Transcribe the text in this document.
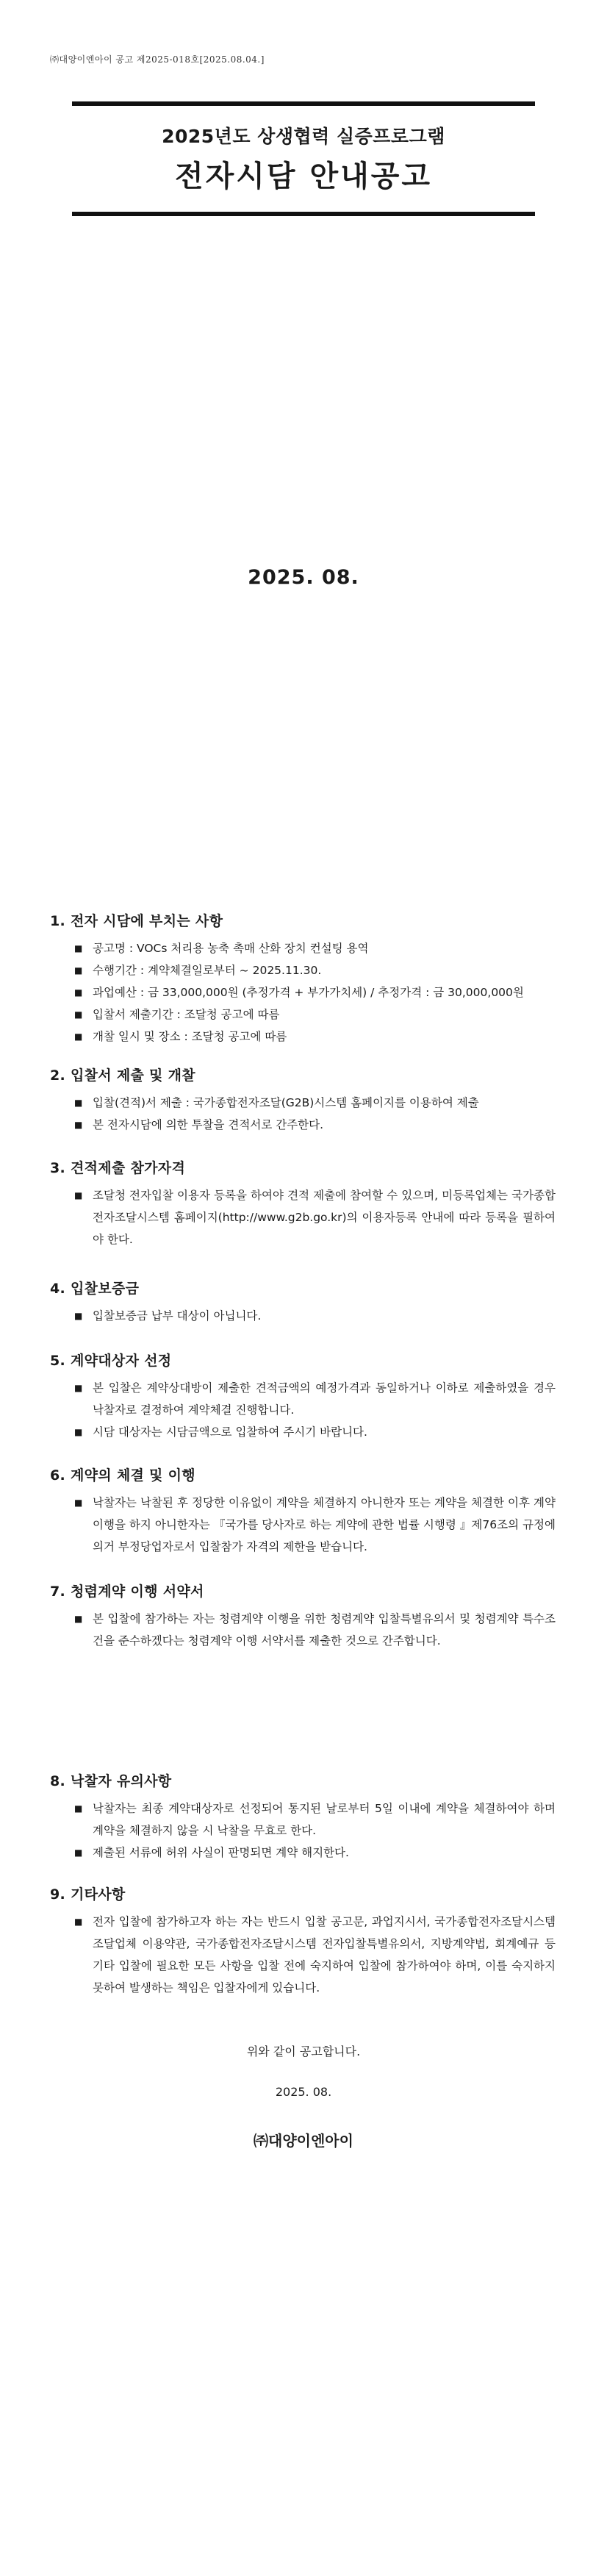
㈜대양이엔아이 공고 제2025-018호[2025.08.04.]
2025년도 상생협력 실증프로그램
전자시담 안내공고
2025. 08.
1. 전자 시담에 부치는 사항
■ 공고명 : VOCs 처리용 농축 촉매 산화 장치 컨설팅 용역
■ 수행기간 : 계약체결일로부터 ~ 2025.11.30.
■ 과업예산 : 금 33,000,000원 (추정가격 + 부가가치세) / 추정가격 : 금 30,000,000원
■ 입찰서 제출기간 : 조달청 공고에 따름
■ 개찰 일시 및 장소 : 조달청 공고에 따름
2. 입찰서 제출 및 개찰
■ 입찰(견적)서 제출 : 국가종합전자조달(G2B)시스템 홈페이지를 이용하여 제출
■ 본 전자시담에 의한 투찰을 견적서로 간주한다.
3. 견적제출 참가자격
■ 조달청 전자입찰 이용자 등록을 하여야 견적 제출에 참여할 수 있으며, 미등록업체는 국가종합전자조달시스템 홈페이지(http://www.g2b.go.kr)의 이용자등록 안내에 따라 등록을 필하여야 한다.
4. 입찰보증금
■ 입찰보증금 납부 대상이 아닙니다.
5. 계약대상자 선정
■ 본 입찰은 계약상대방이 제출한 견적금액의 예정가격과 동일하거나 이하로 제출하였을 경우 낙찰자로 결정하여 계약체결 진행합니다.
■ 시담 대상자는 시담금액으로 입찰하여 주시기 바랍니다.
6. 계약의 체결 및 이행
■ 낙찰자는 낙찰된 후 정당한 이유없이 계약을 체결하지 아니한자 또는 계약을 체결한 이후 계약이행을 하지 아니한자는 『국가를 당사자로 하는 계약에 관한 법률 시행령 』제76조의 규정에 의거 부정당업자로서 입찰참가 자격의 제한을 받습니다.
7. 청렴계약 이행 서약서
■ 본 입찰에 참가하는 자는 청렴계약 이행을 위한 청렴계약 입찰특별유의서 및 청렴계약 특수조건을 준수하겠다는 청렴계약 이행 서약서를 제출한 것으로 간주합니다.
8. 낙찰자 유의사항
■ 낙찰자는 최종 계약대상자로 선정되어 통지된 날로부터 5일 이내에 계약을 체결하여야 하며 계약을 체결하지 않을 시 낙찰을 무효로 한다.
■ 제출된 서류에 허위 사실이 판명되면 계약 해지한다.
9. 기타사항
■ 전자 입찰에 참가하고자 하는 자는 반드시 입찰 공고문, 과업지시서, 국가종합전자조달시스템 조달업체 이용약관, 국가종합전자조달시스템 전자입찰특별유의서, 지방계약법, 회계예규 등 기타 입찰에 필요한 모든 사항을 입찰 전에 숙지하여 입찰에 참가하여야 하며, 이를 숙지하지 못하여 발생하는 책임은 입찰자에게 있습니다.
위와 같이 공고합니다.
2025. 08.
㈜대양이엔아이
